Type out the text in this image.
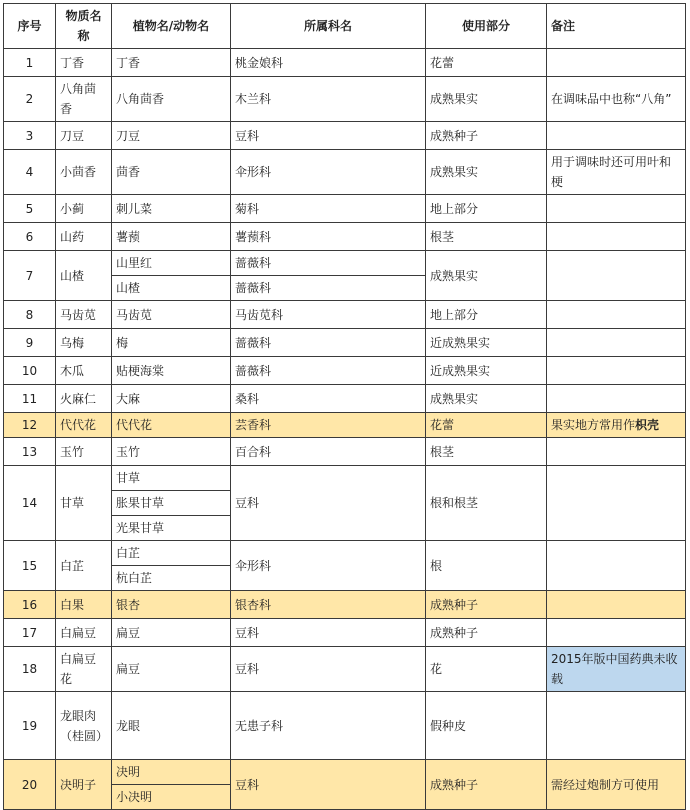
序号	物质名称	植物名/动物名	所属科名	使用部分	备注
1	丁香	丁香	桃金娘科	花蕾	
2	八角茴香	八角茴香	木兰科	成熟果实	在调味品中也称“八角”
3	刀豆	刀豆	豆科	成熟种子	
4	小茴香	茴香	伞形科	成熟果实	用于调味时还可用叶和梗
5	小蓟	刺儿菜	菊科	地上部分	
6	山药	薯蓣	薯蓣科	根茎	
7	山楂	山里红	蔷薇科	成熟果实	
		山楂	蔷薇科		
8	马齿苋	马齿苋	马齿苋科	地上部分	
9	乌梅	梅	蔷薇科	近成熟果实	
10	木瓜	贴梗海棠	蔷薇科	近成熟果实	
11	火麻仁	大麻	桑科	成熟果实	
12	代代花	代代花	芸香科	花蕾	果实地方常用作枳壳
13	玉竹	玉竹	百合科	根茎	
14	甘草	甘草	豆科	根和根茎	
		胀果甘草			
		光果甘草			
15	白芷	白芷	伞形科	根	
		杭白芷			
16	白果	银杏	银杏科	成熟种子	
17	白扁豆	扁豆	豆科	成熟种子	
18	白扁豆花	扁豆	豆科	花	2015年版中国药典未收载
19	龙眼肉（桂圆）	龙眼	无患子科	假种皮	
20	决明子	决明	豆科	成熟种子	需经过炮制方可使用
		小决明			
